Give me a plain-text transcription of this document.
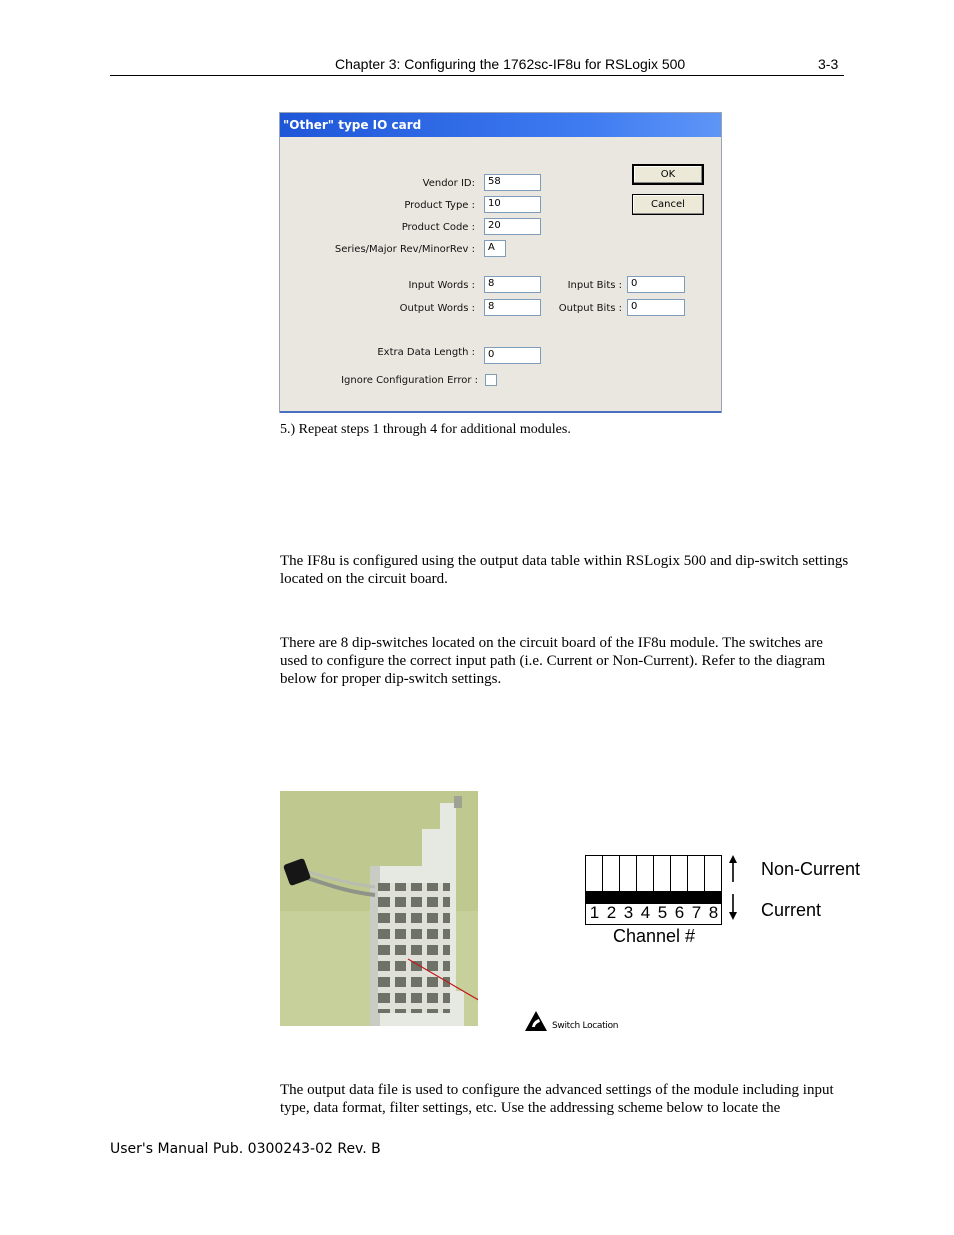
Chapter 3: Configuring the 1762sc-IF8u for RSLogix 500	3-3
"Other" type IO card
Vendor ID:	58
Product Type :	10
Product Code :	20
Series/Major Rev/MinorRev :	A
Input Words :	8
Output Words :	8
Input Bits : 0
Output Bits : 0
Extra Data Length :	0
Ignore Configuration Error :
OK
Cancel
5.) Repeat steps 1 through 4 for additional modules.
The IF8u is configured using the output data table within RSLogix 500 and dip-switch settings located on the circuit board.
There are 8 dip-switches located on the circuit board of the IF8u module. The switches are used to configure the correct input path (i.e. Current or Non-Current). Refer to the diagram below for proper dip-switch settings.
Switch Location
1 2 3 4 5 6 7 8
Non-Current
Current
Channel #
The output data file is used to configure the advanced settings of the module including input type, data format, filter settings, etc. Use the addressing scheme below to locate the
User's Manual Pub. 0300243-02 Rev. B
